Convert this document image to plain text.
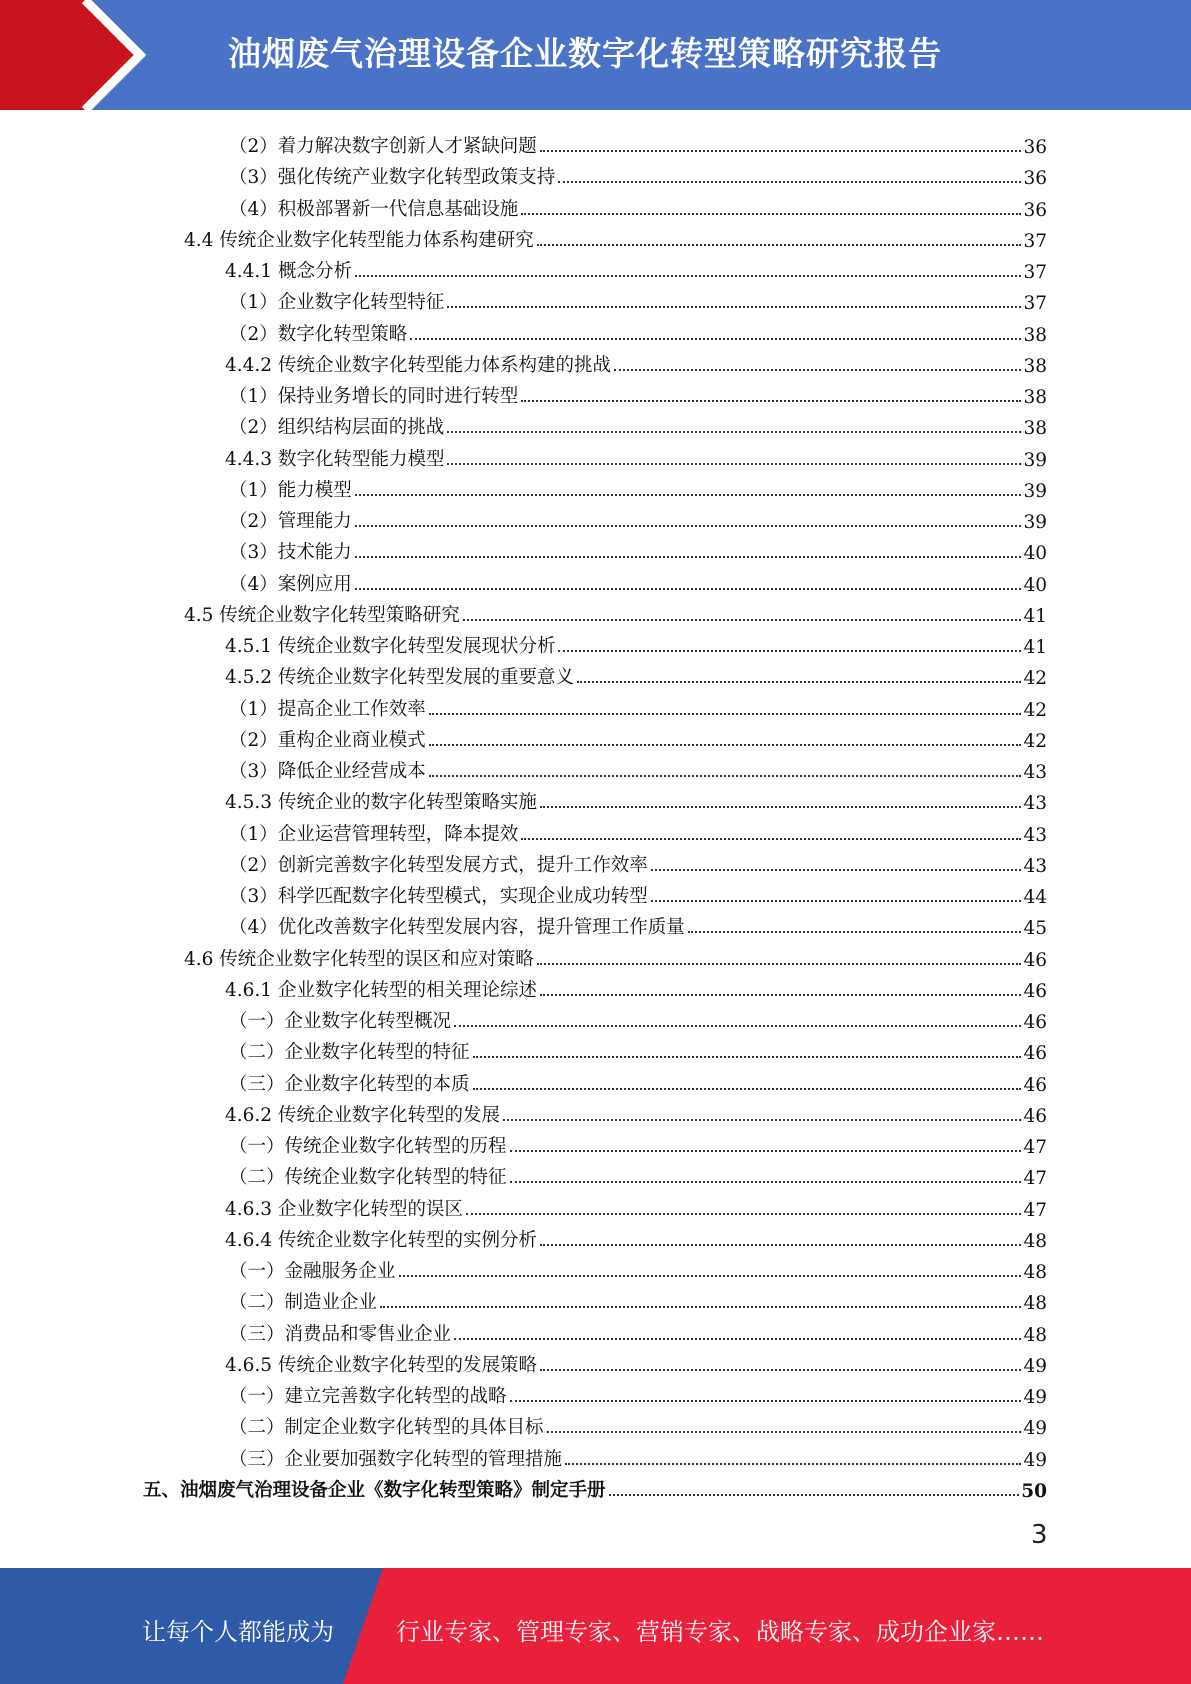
油烟废气治理设备企业数字化转型策略研究报告
（2）着力解决数字创新人才紧缺问题	36
（3）强化传统产业数字化转型政策支持	36
（4）积极部署新一代信息基础设施	36
4.4 传统企业数字化转型能力体系构建研究	37
4.4.1 概念分析	37
（1）企业数字化转型特征	37
（2）数字化转型策略	38
4.4.2 传统企业数字化转型能力体系构建的挑战	38
（1）保持业务增长的同时进行转型	38
（2）组织结构层面的挑战	38
4.4.3 数字化转型能力模型	39
（1）能力模型	39
（2）管理能力	39
（3）技术能力	40
（4）案例应用	40
4.5 传统企业数字化转型策略研究	41
4.5.1 传统企业数字化转型发展现状分析	41
4.5.2 传统企业数字化转型发展的重要意义	42
（1）提高企业工作效率	42
（2）重构企业商业模式	42
（3）降低企业经营成本	43
4.5.3 传统企业的数字化转型策略实施	43
（1）企业运营管理转型，降本提效	43
（2）创新完善数字化转型发展方式，提升工作效率	43
（3）科学匹配数字化转型模式，实现企业成功转型	44
（4）优化改善数字化转型发展内容，提升管理工作质量	45
4.6 传统企业数字化转型的误区和应对策略	46
4.6.1 企业数字化转型的相关理论综述	46
（一）企业数字化转型概况	46
（二）企业数字化转型的特征	46
（三）企业数字化转型的本质	46
4.6.2 传统企业数字化转型的发展	46
（一）传统企业数字化转型的历程	47
（二）传统企业数字化转型的特征	47
4.6.3 企业数字化转型的误区	47
4.6.4 传统企业数字化转型的实例分析	48
（一）金融服务企业	48
（二）制造业企业	48
（三）消费品和零售业企业	48
4.6.5 传统企业数字化转型的发展策略	49
（一）建立完善数字化转型的战略	49
（二）制定企业数字化转型的具体目标	49
（三）企业要加强数字化转型的管理措施	49
五、油烟废气治理设备企业《数字化转型策略》制定手册	50
3
让每个人都能成为	行业专家、管理专家、营销专家、战略专家、成功企业家……
